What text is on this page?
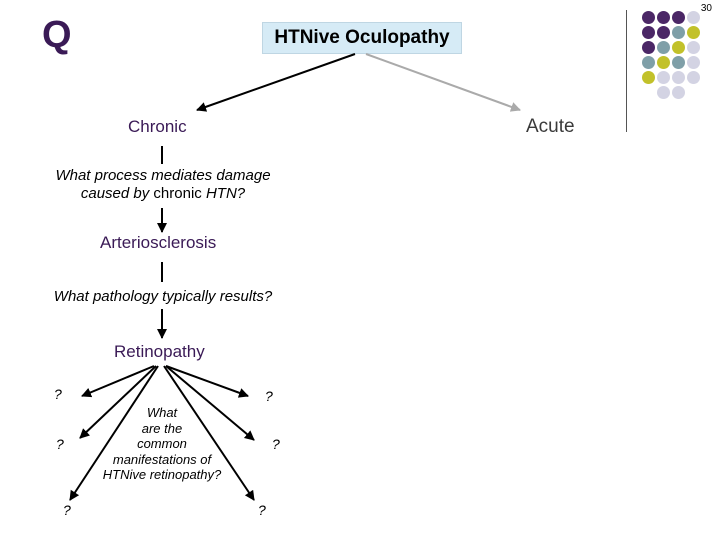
30
Q	HTNive Oculopathy
Chronic	Acute
What process mediates damage
caused by chronic HTN?
Arteriosclerosis
What pathology typically results?
Retinopathy
What
are the
common
manifestations of
HTNive retinopathy?
?
?
?
?
?
?
